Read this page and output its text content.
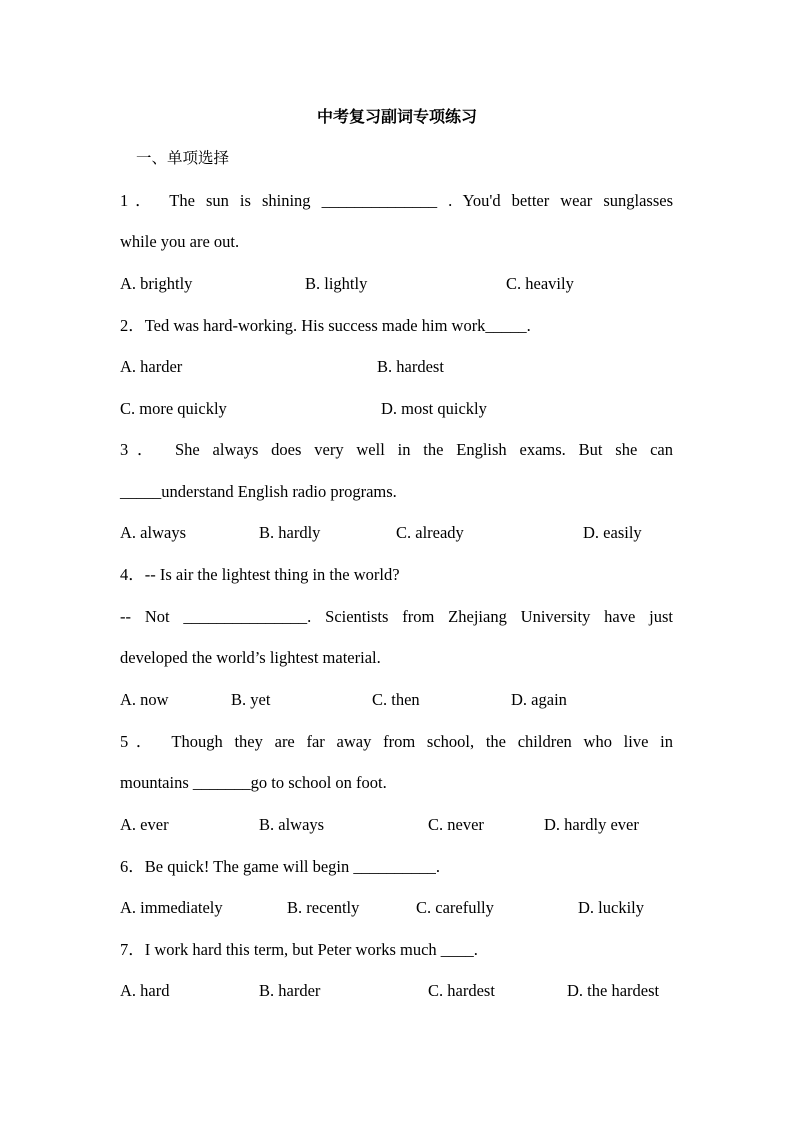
中考复习副词专项练习
一、单项选择
1． The sun is shining ______________ . You'd better wear sunglasses
while you are out.
A. brightly	B. lightly	C. heavily
2．Ted was hard-working. His success made him work_____.
A. harder	B. hardest
C. more quickly	D. most quickly
3． She always does very well in the English exams. But she can
_____understand English radio programs.
A. always	B. hardly	C. already	D. easily
4．-- Is air the lightest thing in the world?
-- Not _______________. Scientists from Zhejiang University have just
developed the world’s lightest material.
A. now	B. yet	C. then	D. again
5． Though they are far away from school, the children who live in
mountains _______go to school on foot.
A. ever	B. always	C. never	D. hardly ever
6．Be quick! The game will begin __________.
A. immediately	B. recently	C. carefully	D. luckily
7．I work hard this term, but Peter works much ____.
A. hard	B. harder	C. hardest	D. the hardest
